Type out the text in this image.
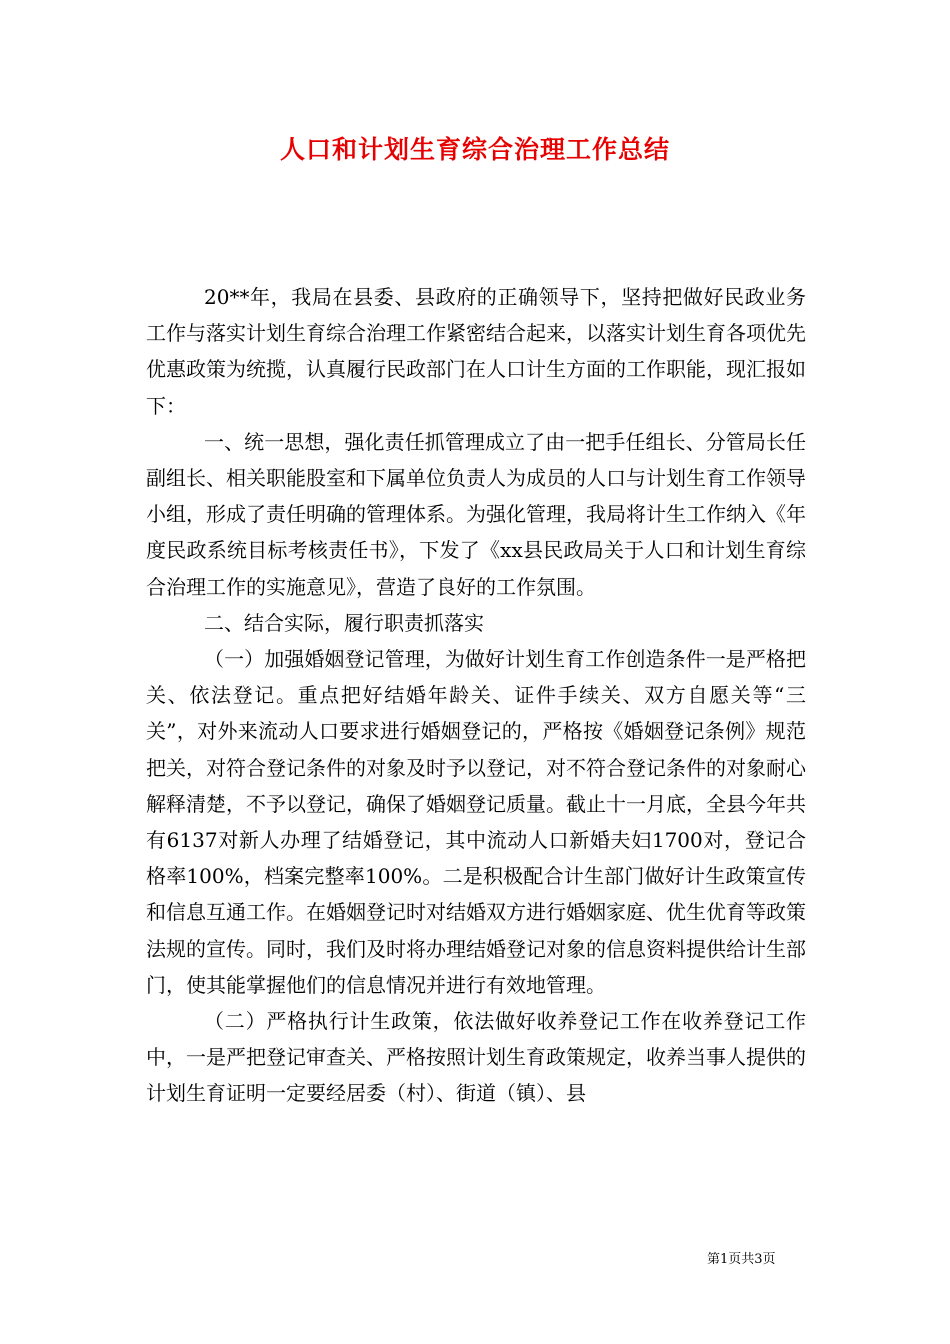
人口和计划生育综合治理工作总结

20**年，我局在县委、县政府的正确领导下，坚持把做好民政业务工作与落实计划生育综合治理工作紧密结合起来，以落实计划生育各项优先优惠政策为统揽，认真履行民政部门在人口计生方面的工作职能，现汇报如下：

一、统一思想，强化责任抓管理成立了由一把手任组长、分管局长任副组长、相关职能股室和下属单位负责人为成员的人口与计划生育工作领导小组，形成了责任明确的管理体系。为强化管理，我局将计生工作纳入《年度民政系统目标考核责任书》，下发了《xx县民政局关于人口和计划生育综合治理工作的实施意见》，营造了良好的工作氛围。

二、结合实际，履行职责抓落实

（一）加强婚姻登记管理，为做好计划生育工作创造条件一是严格把关、依法登记。重点把好结婚年龄关、证件手续关、双方自愿关等“三关”，对外来流动人口要求进行婚姻登记的，严格按《婚姻登记条例》规范把关，对符合登记条件的对象及时予以登记，对不符合登记条件的对象耐心解释清楚，不予以登记，确保了婚姻登记质量。截止十一月底，全县今年共有6137对新人办理了结婚登记，其中流动人口新婚夫妇1700对，登记合格率100%，档案完整率100%。二是积极配合计生部门做好计生政策宣传和信息互通工作。在婚姻登记时对结婚双方进行婚姻家庭、优生优育等政策法规的宣传。同时，我们及时将办理结婚登记对象的信息资料提供给计生部门，使其能掌握他们的信息情况并进行有效地管理。

（二）严格执行计生政策，依法做好收养登记工作在收养登记工作中，一是严把登记审查关、严格按照计划生育政策规定，收养当事人提供的计划生育证明一定要经居委（村）、街道（镇）、县

第1页共3页
